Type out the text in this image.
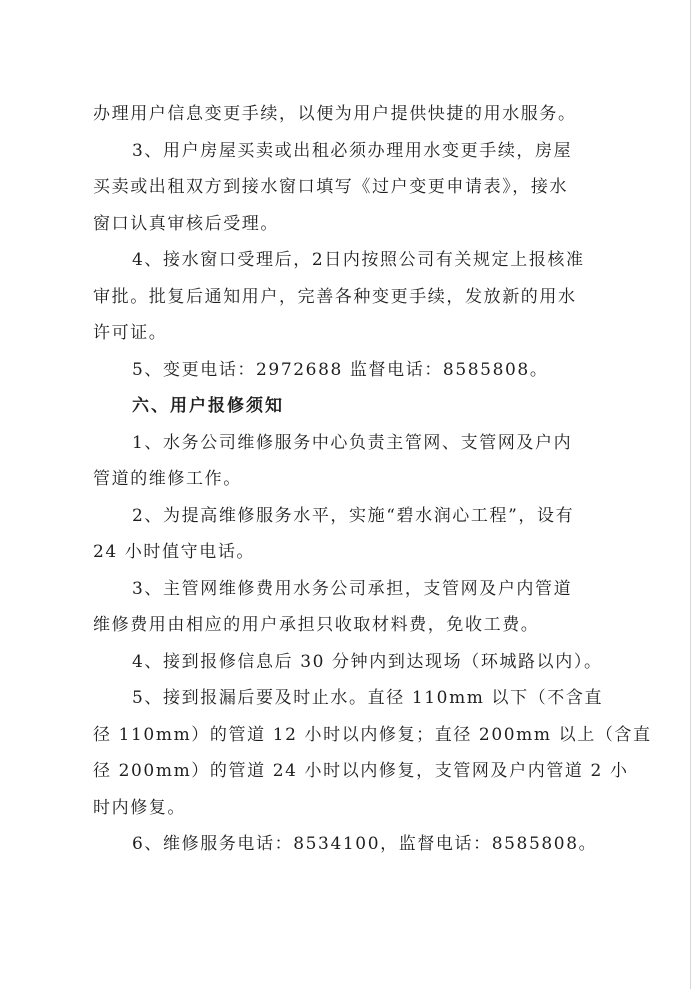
办理用户信息变更手续，以便为用户提供快捷的用水服务。
3、用户房屋买卖或出租必须办理用水变更手续，房屋
买卖或出租双方到接水窗口填写《过户变更申请表》，接水
窗口认真审核后受理。
4、接水窗口受理后，2日内按照公司有关规定上报核准
审批。批复后通知用户，完善各种变更手续，发放新的用水
许可证。
5、变更电话：2972688 监督电话：8585808。
六、用户报修须知
1、水务公司维修服务中心负责主管网、支管网及户内
管道的维修工作。
2、为提高维修服务水平，实施“碧水润心工程”，设有
24 小时值守电话。
3、主管网维修费用水务公司承担，支管网及户内管道
维修费用由相应的用户承担只收取材料费，免收工费。
4、接到报修信息后 30 分钟内到达现场（环城路以内）。
5、接到报漏后要及时止水。直径 110mm 以下（不含直
径 110mm）的管道 12 小时以内修复；直径 200mm 以上（含直
径 200mm）的管道 24 小时以内修复，支管网及户内管道 2 小
时内修复。
6、维修服务电话：8534100，监督电话：8585808。
